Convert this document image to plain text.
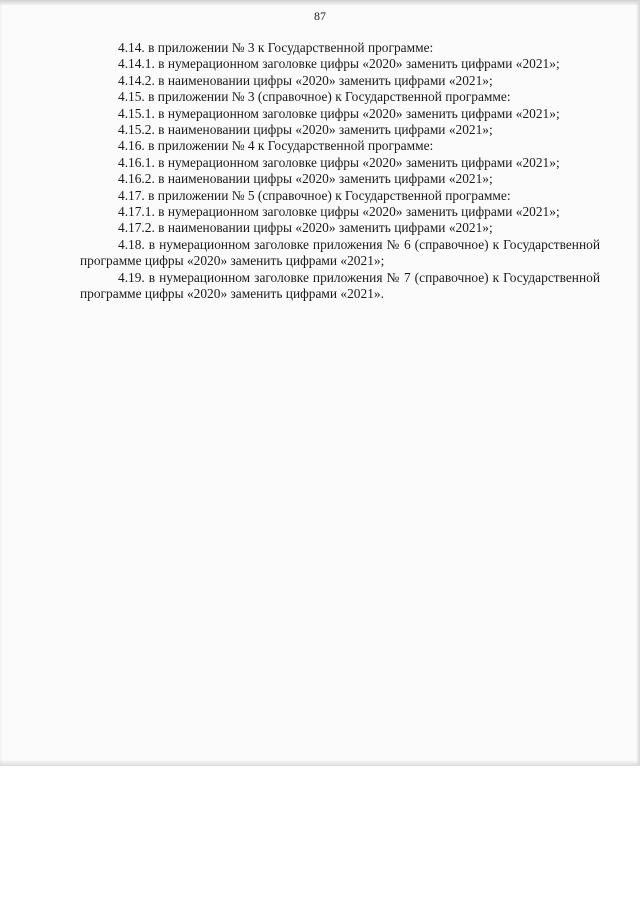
87

4.14. в приложении № 3 к Государственной программе:

4.14.1. в нумерационном заголовке цифры «2020» заменить цифрами «2021»;

4.14.2. в наименовании цифры «2020» заменить цифрами «2021»;

4.15. в приложении № 3 (справочное) к Государственной программе:

4.15.1. в нумерационном заголовке цифры «2020» заменить цифрами «2021»;

4.15.2. в наименовании цифры «2020» заменить цифрами «2021»;

4.16. в приложении № 4 к Государственной программе:

4.16.1. в нумерационном заголовке цифры «2020» заменить цифрами «2021»;

4.16.2. в наименовании цифры «2020» заменить цифрами «2021»;

4.17. в приложении № 5 (справочное) к Государственной программе:

4.17.1. в нумерационном заголовке цифры «2020» заменить цифрами «2021»;

4.17.2. в наименовании цифры «2020» заменить цифрами «2021»;

4.18. в нумерационном заголовке приложения № 6 (справочное) к Государственной программе цифры «2020» заменить цифрами «2021»;

4.19. в нумерационном заголовке приложения № 7 (справочное) к Государственной программе цифры «2020» заменить цифрами «2021».
